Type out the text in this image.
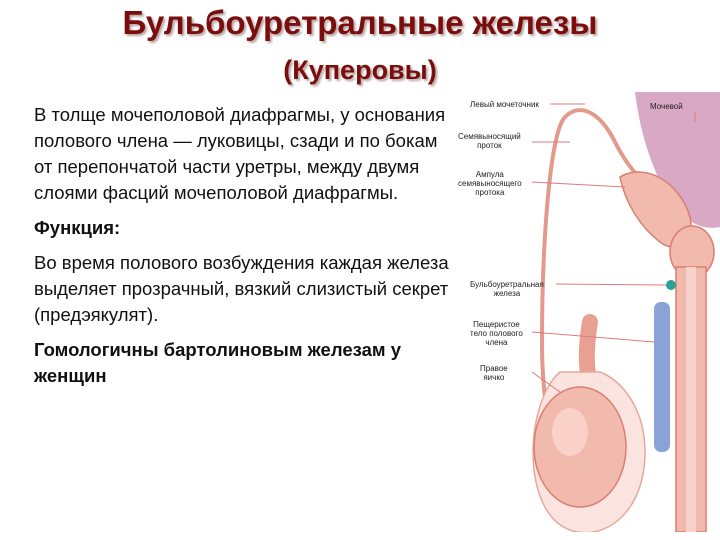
Бульбоуретральные железы
(Куперовы)

В толще мочеполовой диафрагмы, у основания полового члена — луковицы, сзади и по бокам от перепончатой части уретры, между двумя слоями фасций мочеполовой диафрагмы.

Функция:

Во время полового возбуждения каждая железа выделяет прозрачный, вязкий слизистый секрет (предэякулят).

Гомологичны бартолиновым железам у женщин

Левый мочеточник	Мочевой
Семявыносящий
проток
Ампула
семявыносящего
протока
Бульбоуретральная
железа
Пещеристое
тело полового
члена
Правое
яичко
